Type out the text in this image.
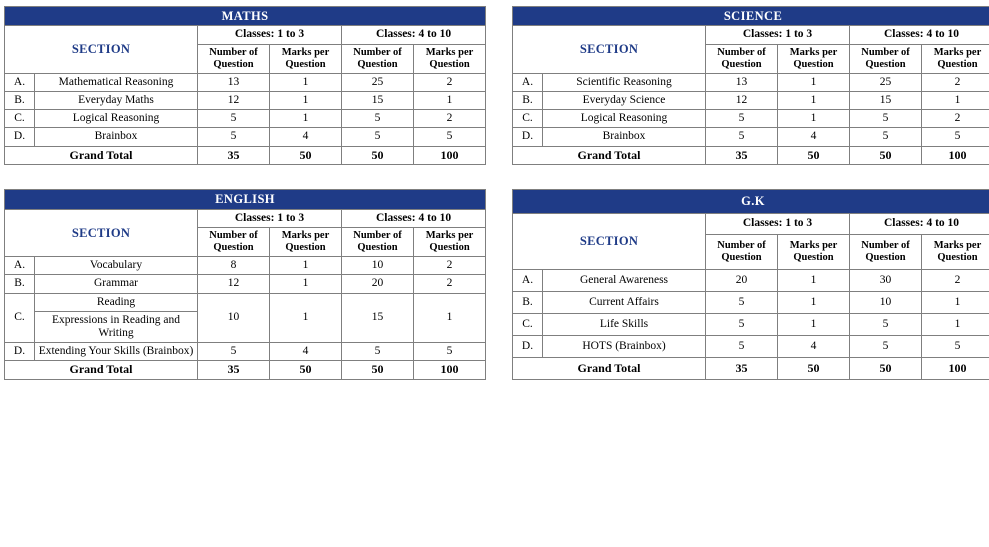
MATHS					
SECTION		Classes: 1 to 3		Classes: 4 to 10	
		Number of Question	Marks per Question	Number of Question	Marks per Question
A.	Mathematical Reasoning	13	1	25	2
B.	Everyday Maths	12	1	15	1
C.	Logical Reasoning	5	1	5	2
D.	Brainbox	5	4	5	5
Grand Total		35	50	50	100
SCIENCE					
SECTION		Classes: 1 to 3		Classes: 4 to 10	
		Number of Question	Marks per Question	Number of Question	Marks per Question
A.	Scientific Reasoning	13	1	25	2
B.	Everyday Science	12	1	15	1
C.	Logical Reasoning	5	1	5	2
D.	Brainbox	5	4	5	5
Grand Total		35	50	50	100
ENGLISH					
SECTION		Classes: 1 to 3		Classes: 4 to 10	
		Number of Question	Marks per Question	Number of Question	Marks per Question
A.	Vocabulary	8	1	10	2
B.	Grammar	12	1	20	2
C.	Reading	10	1	15	1
	Expressions in Reading and Writing				
D.	Extending Your Skills (Brainbox)	5	4	5	5
Grand Total		35	50	50	100
G.K					
SECTION		Classes: 1 to 3		Classes: 4 to 10	
		Number of Question	Marks per Question	Number of Question	Marks per Question
A.	General Awareness	20	1	30	2
B.	Current Affairs	5	1	10	1
C.	Life Skills	5	1	5	1
D.	HOTS (Brainbox)	5	4	5	5
Grand Total		35	50	50	100
